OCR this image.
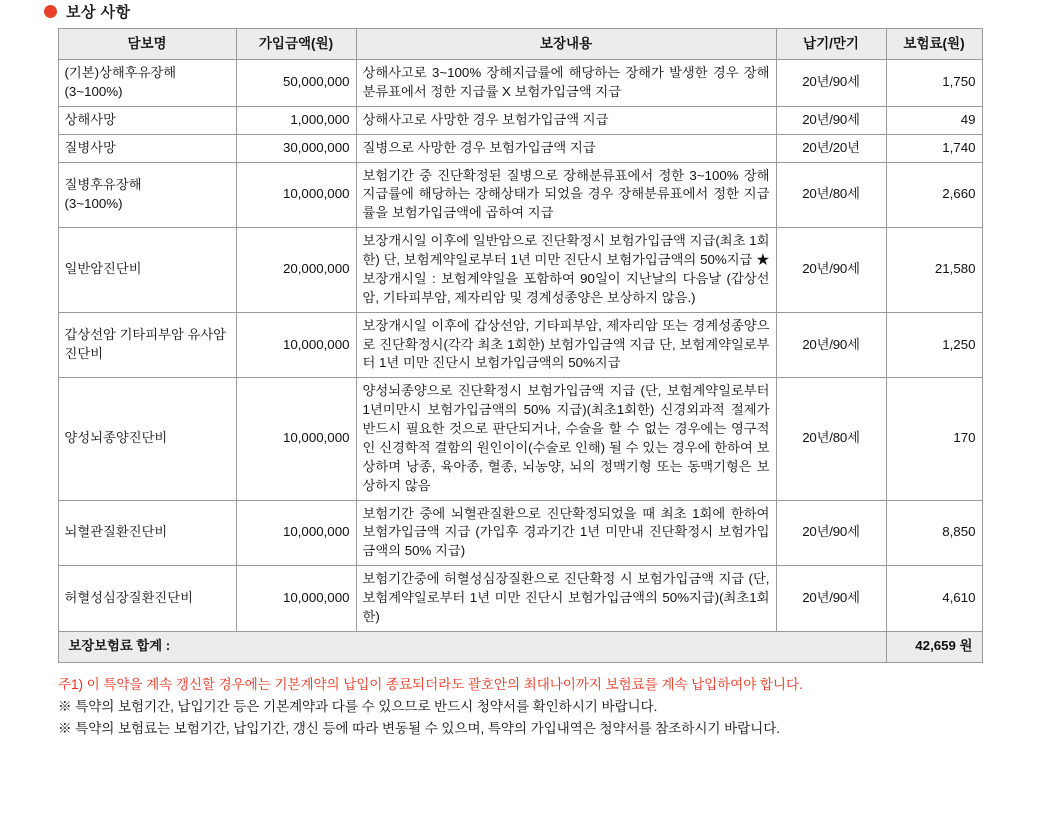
보상 사항
담보명	가입금액(원)	보장내용	납기/만기	보험료(원)
(기본)상해후유장해
(3~100%)	50,000,000	상해사고로 3~100% 장해지급률에 해당하는 장해가 발생한 경우 장해분류표에서 정한 지급률 X 보험가입금액 지급	20년/90세	1,750
상해사망	1,000,000	상해사고로 사망한 경우 보험가입금액 지급	20년/90세	49
질병사망	30,000,000	질병으로 사망한 경우 보험가입금액 지급	20년/20년	1,740
질병후유장해
(3~100%)	10,000,000	보험기간 중 진단확정된 질병으로 장해분류표에서 정한 3~100% 장해 지급률에 해당하는 장해상태가 되었을 경우 장해분류표에서 정한 지급률을 보험가입금액에 곱하여 지급	20년/80세	2,660
일반암진단비	20,000,000	보장개시일 이후에 일반암으로 진단확정시 보험가입금액 지급(최초 1회한) 단, 보험계약일로부터 1년 미만 진단시 보험가입금액의 50%지급 ★보장개시일 : 보험계약일을 포함하여 90일이 지난날의 다음날 (갑상선암, 기타피부암, 제자리암 및 경계성종양은 보상하지 않음.)	20년/90세	21,580
갑상선암 기타피부암 유사암진단비	10,000,000	보장개시일 이후에 갑상선암, 기타피부암, 제자리암 또는 경계성종양으로 진단확정시(각각 최초 1회한) 보험가입금액 지급 단, 보험계약일로부터 1년 미만 진단시 보험가입금액의 50%지급	20년/90세	1,250
양성뇌종양진단비	10,000,000	양성뇌종양으로 진단확정시 보험가입금액 지급 (단, 보험계약일로부터 1년미만시 보험가입금액의 50% 지급)(최초1회한) 신경외과적 절제가 반드시 필요한 것으로 판단되거나, 수술을 할 수 없는 경우에는 영구적인 신경학적 결함의 원인이이(수술로 인해) 될 수 있는 경우에 한하여 보상하며 낭종, 육아종, 혈종, 뇌농양, 뇌의 정맥기형 또는 동맥기형은 보상하지 않음	20년/80세	170
뇌혈관질환진단비	10,000,000	보험기간 중에 뇌혈관질환으로 진단확정되었을 때 최초 1회에 한하여 보험가입금액 지급 (가입후 경과기간 1년 미만내 진단확정시 보험가입금액의 50% 지급)	20년/90세	8,850
허혈성심장질환진단비	10,000,000	보험기간중에 허혈성심장질환으로 진단확정 시 보험가입금액 지급 (단, 보험계약일로부터 1년 미만 진단시 보험가입금액의 50%지급)(최초1회한)	20년/90세	4,610
보장보험료 합계 :				42,659 원
주1) 이 특약을 계속 갱신할 경우에는 기본계약의 납입이 종료되더라도 괄호안의 최대나이까지 보험료를 계속 납입하여야 합니다.
※ 특약의 보험기간, 납입기간 등은 기본계약과 다를 수 있으므로 반드시 청약서를 확인하시기 바랍니다.
※ 특약의 보험료는 보험기간, 납입기간, 갱신 등에 따라 변동될 수 있으며, 특약의 가입내역은 청약서를 참조하시기 바랍니다.
